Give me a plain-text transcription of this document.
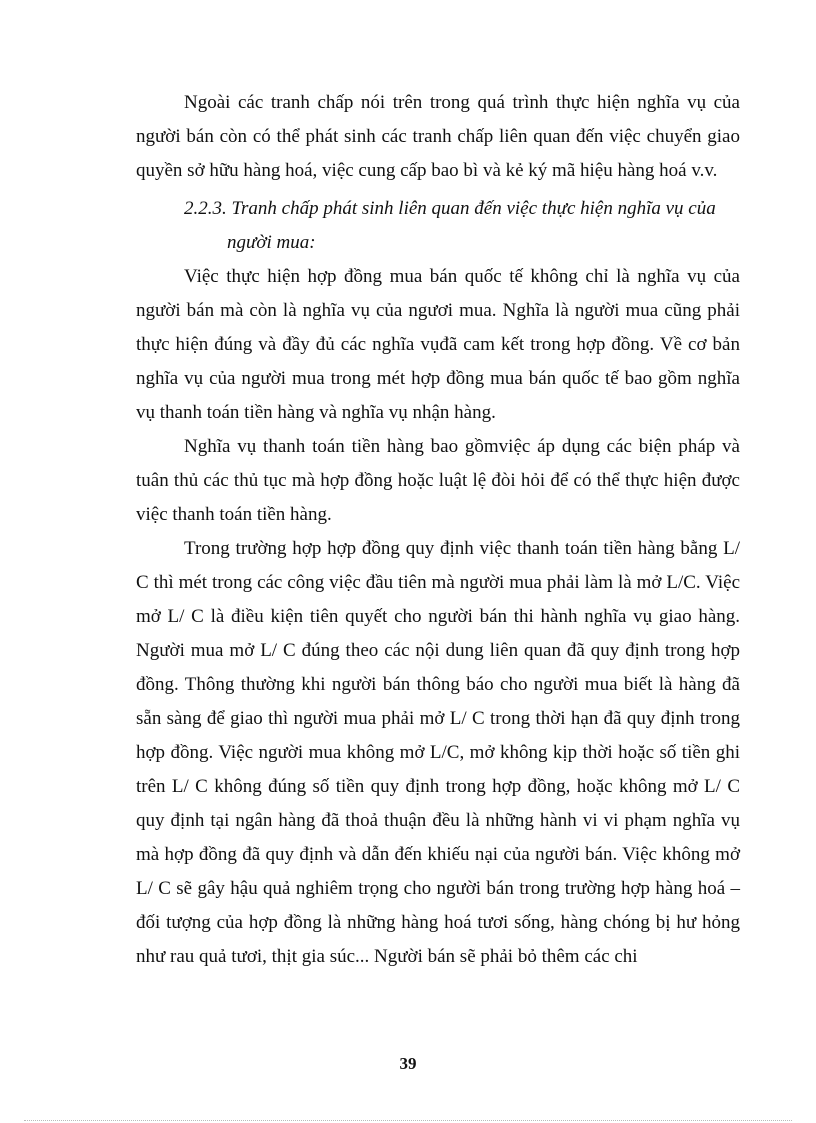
Ngoài các tranh chấp nói trên trong quá trình thực hiện nghĩa vụ của người bán còn có thể phát sinh các tranh chấp liên quan đến việc chuyển giao quyền sở hữu hàng hoá, việc cung cấp bao bì và kẻ ký mã hiệu hàng hoá v.v.

2.2.3. Tranh chấp phát sinh liên quan đến việc thực hiện nghĩa vụ của
người mua:

Việc thực hiện hợp đồng mua bán quốc tế không chỉ là nghĩa vụ của người bán mà còn là nghĩa vụ của ngươi mua. Nghĩa là người mua cũng phải thực hiện đúng và đầy đủ các nghĩa vụđã cam kết trong hợp đồng. Về cơ bản nghĩa vụ của người mua trong mét hợp đồng mua bán quốc tế bao gồm nghĩa vụ thanh toán tiền hàng và nghĩa vụ nhận hàng.

Nghĩa vụ thanh toán tiền hàng bao gồmviệc áp dụng các biện pháp và tuân thủ các thủ tục mà hợp đồng hoặc luật lệ đòi hỏi để có thể thực hiện được việc thanh toán tiền hàng.

Trong trường hợp hợp đồng quy định việc thanh toán tiền hàng bằng L/ C thì mét trong các công việc đầu tiên mà người mua phải làm là mở L/C. Việc mở L/ C là điều kiện tiên quyết cho người bán thi hành nghĩa vụ giao hàng. Người mua mở L/ C đúng theo các nội dung liên quan đã quy định trong hợp đồng. Thông thường khi người bán thông báo cho người mua biết là hàng đã sẵn sàng để giao thì người mua phải mở L/ C trong thời hạn đã quy định trong hợp đồng. Việc người mua không mở L/C, mở không kịp thời hoặc số tiền ghi trên L/ C không đúng số tiền quy định trong hợp đồng, hoặc không mở L/ C quy định tại ngân hàng đã thoả thuận đều là những hành vi vi phạm nghĩa vụ mà hợp đồng đã quy định và dẫn đến khiếu nại của người bán. Việc không mở L/ C sẽ gây hậu quả nghiêm trọng cho người bán trong trường hợp hàng hoá – đối tượng của hợp đồng là những hàng hoá tươi sống, hàng chóng bị hư hỏng như rau quả tươi, thịt gia súc... Người bán sẽ phải bỏ thêm các chi

39
